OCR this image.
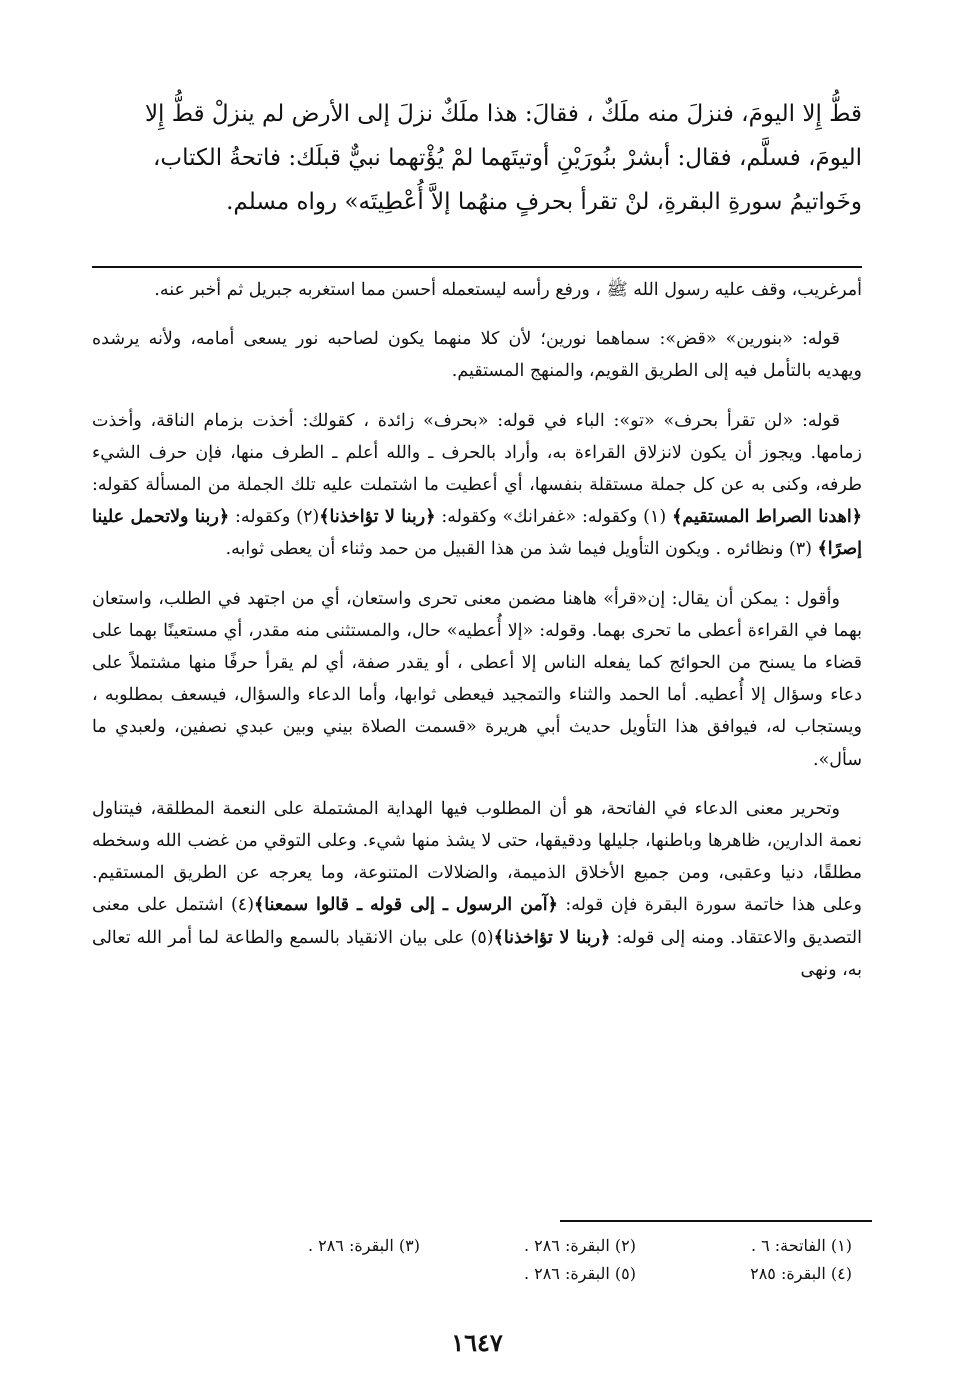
قطُّ إِلا اليومَ، فنزلَ منه ملَكٌ ، فقالَ: هذا ملَكٌ نزلَ إلى الأرض لم ينزلْ قطُّ إِلا

اليومَ، فسلَّم، فقال: أبشرْ بنُورَيْنِ أوتيتَهما لمْ يُؤْتهما نبيٌّ قبلَك: فاتحةُ الكتاب،

وخَواتيمُ سورةِ البقرةِ، لنْ تقرأ بحرفٍ منهُما إلاَّ أُعْطِيتَه» رواه مسلم.

أمرغريب، وقف عليه رسول الله ﷺ ، ورفع رأسه ليستعمله أحسن مما استغربه جبريل ثم أخبر عنه.

قوله: «بنورين» «قض»: سماهما نورين؛ لأن كلا منهما يكون لصاحبه نور يسعى أمامه، ولأنه يرشده ويهديه بالتأمل فيه إلى الطريق القويم، والمنهج المستقيم.

قوله: «لن تقرأ بحرف» «تو»: الباء في قوله: «بحرف» زائدة ، كقولك: أخذت بزمام الناقة، وأخذت زمامها. ويجوز أن يكون لانزلاق القراءة به، وأراد بالحرف ـ والله أعلم ـ الطرف منها، فإن حرف الشيء طرفه، وكنى به عن كل جملة مستقلة بنفسها، أي أعطيت ما اشتملت عليه تلك الجملة من المسألة كقوله: ﴿اهدنا الصراط المستقيم﴾ (١) وكقوله: «غفرانك» وكقوله: ﴿ربنا لا تؤاخذنا﴾(٢) وكقوله: ﴿ربنا ولاتحمل علينا إصرًا﴾ (٣) ونظائره . ويكون التأويل فيما شذ من هذا القبيل من حمد وثناء أن يعطى ثوابه.

وأقول : يمكن أن يقال: إن«قرأ» هاهنا مضمن معنى تحرى واستعان، أي من اجتهد في الطلب، واستعان بهما في القراءة أعطى ما تحرى بهما. وقوله: «إلا أُعطيه» حال، والمستثنى منه مقدر، أي مستعينًا بهما على قضاء ما يسنح من الحوائج كما يفعله الناس إلا أعطى ، أو يقدر صفة، أي لم يقرأ حرفًا منها مشتملاً على دعاء وسؤال إلا أُعطيه. أما الحمد والثناء والتمجيد فيعطى ثوابها، وأما الدعاء والسؤال، فيسعف بمطلوبه ، ويستجاب له، فيوافق هذا التأويل حديث أبي هريرة «قسمت الصلاة بيني وبين عبدي نصفين، ولعبدي ما سأل».

وتحرير معنى الدعاء في الفاتحة، هو أن المطلوب فيها الهداية المشتملة على النعمة المطلقة، فيتناول نعمة الدارين، ظاهرها وباطنها، جليلها ودقيقها، حتى لا يشذ منها شيء. وعلى التوقي من غضب الله وسخطه مطلقًا، دنيا وعقبى، ومن جميع الأخلاق الذميمة، والضلالات المتنوعة، وما يعرجه عن الطريق المستقيم. وعلى هذا خاتمة سورة البقرة فإن قوله: ﴿آمن الرسول ـ إلى قوله ـ قالوا سمعنا﴾(٤) اشتمل على معنى التصديق والاعتقاد. ومنه إلى قوله: ﴿ربنا لا تؤاخذنا﴾(٥) على بيان الانقياد بالسمع والطاعة لما أمر الله تعالى به، ونهى

(١) الفاتحة: ٦ .
(٢) البقرة: ٢٨٦ .
(٣) البقرة: ٢٨٦ .
(٤) البقرة: ٢٨٥
(٥) البقرة: ٢٨٦ .
١٦٤٧
